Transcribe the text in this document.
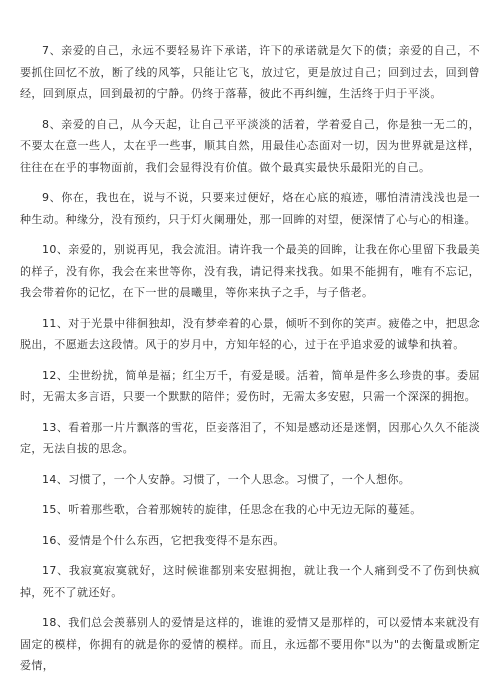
7、亲爱的自己，永远不要轻易许下承诺，许下的承诺就是欠下的债；亲爱的自己，不要抓住回忆不放，断了线的风筝，只能让它飞，放过它，更是放过自己；回到过去，回到曾经，回到原点，回到最初的宁静。仍终于落幕，彼此不再纠缠，生活终于归于平淡。

8、亲爱的自己，从今天起，让自己平平淡淡的活着，学着爱自己，你是独一无二的，不要太在意一些人，太在乎一些事，顺其自然，用最佳心态面对一切，因为世界就是这样，往往在在乎的事物面前，我们会显得没有价值。做个最真实最快乐最阳光的自己。

9、你在，我也在，说与不说，只要来过便好，烙在心底的痕迹，哪怕清清浅浅也是一种生动。种缘分，没有预约，只于灯火阑珊处，那一回眸的对望，便深情了心与心的相逢。

10、亲爱的，别说再见，我会流泪。请许我一个最美的回眸，让我在你心里留下我最美的样子，没有你，我会在来世等你，没有我，请记得来找我。如果不能拥有，唯有不忘记，我会带着你的记忆，在下一世的晨曦里，等你来执子之手，与子偕老。

11、对于光景中徘徊独却，没有梦牵着的心景，倾听不到你的笑声。疲倦之中，把思念脱出，不愿逝去这段情。风于的岁月中，方知年轻的心，过于在乎追求爱的诚挚和执着。

12、尘世纷扰，简单是福；红尘万千，有爱是暖。活着，简单是件多么珍贵的事。委屈时，无需太多言语，只要一个默默的陪伴；爱伤时，无需太多安慰，只需一个深深的拥抱。

13、看着那一片片飘落的雪花，臣妾落泪了，不知是感动还是迷惘，因那心久久不能淡定，无法自拔的思念。

14、习惯了，一个人安静。习惯了，一个人思念。习惯了，一个人想你。

15、听着那些歌，合着那婉转的旋律，任思念在我的心中无边无际的蔓延。

16、爱情是个什么东西，它把我变得不是东西。

17、我寂寞寂寞就好，这时候谁都别来安慰拥抱，就让我一个人痛到受不了伤到快疯掉，死不了就还好。

18、我们总会羡慕别人的爱情是这样的，谁谁的爱情又是那样的，可以爱情本来就没有固定的模样，你拥有的就是你的爱情的模样。而且，永远都不要用你"以为"的去衡量或断定爱情，
